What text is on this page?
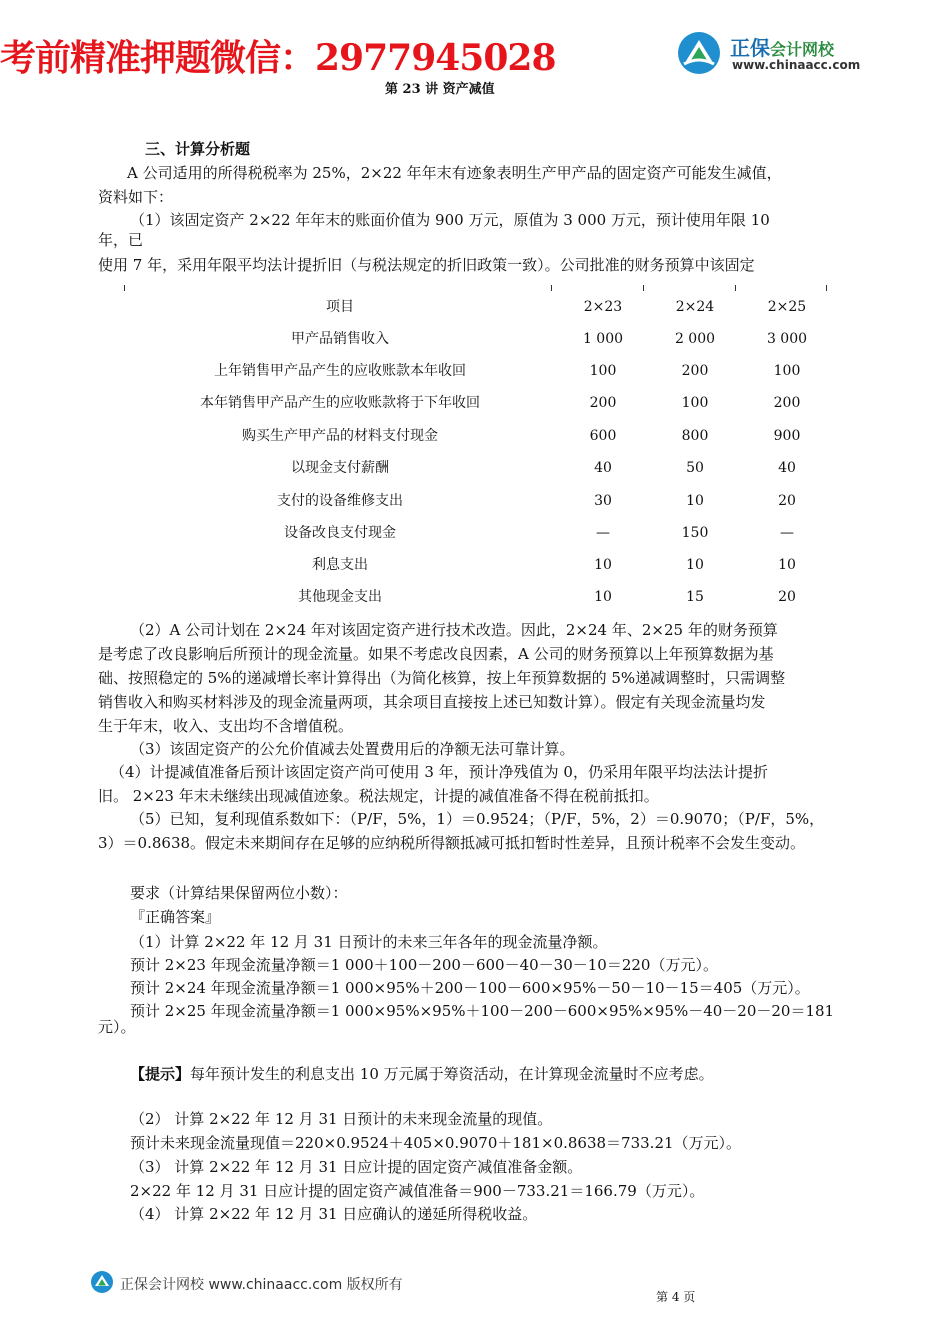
考前精准押题微信：2977945028	正保会计网校
www.chinaacc.com
第 23 讲 资产减值
三、计算分析题
A 公司适用的所得税税率为 25%，2×22 年年末有迹象表明生产甲产品的固定资产可能发生减值，
资料如下：
（1）该固定资产 2×22 年年末的账面价值为 900 万元，原值为 3 000 万元，预计使用年限 10
年，已
使用 7 年，采用年限平均法计提折旧（与税法规定的折旧政策一致）。公司批准的财务预算中该固定
项目	2×23	2×24	2×25
甲产品销售收入	1 000	2 000	3 000
上年销售甲产品产生的应收账款本年收回	100	200	100
本年销售甲产品产生的应收账款将于下年收回	200	100	200
购买生产甲产品的材料支付现金	600	800	900
以现金支付薪酬	40	50	40
支付的设备维修支出	30	10	20
设备改良支付现金	—	150	—
利息支出	10	10	10
其他现金支出	10	15	20
（2）A 公司计划在 2×24 年对该固定资产进行技术改造。因此，2×24 年、2×25 年的财务预算
是考虑了改良影响后所预计的现金流量。如果不考虑改良因素，A 公司的财务预算以上年预算数据为基
础、按照稳定的 5%的递减增长率计算得出（为简化核算，按上年预算数据的 5%递减调整时，只需调整
销售收入和购买材料涉及的现金流量两项，其余项目直接按上述已知数计算）。假定有关现金流量均发
生于年末，收入、支出均不含增值税。
（3）该固定资产的公允价值减去处置费用后的净额无法可靠计算。
（4）计提减值准备后预计该固定资产尚可使用 3 年，预计净残值为 0，仍采用年限平均法法计提折
旧。 2×23 年末未继续出现减值迹象。税法规定，计提的减值准备不得在税前抵扣。
（5）已知，复利现值系数如下：（P/F，5%，1）＝0.9524；（P/F，5%，2）＝0.9070；（P/F，5%，
3）＝0.8638。假定未来期间存在足够的应纳税所得额抵减可抵扣暂时性差异，且预计税率不会发生变动。
要求（计算结果保留两位小数）：
『正确答案』
（1）计算 2×22 年 12 月 31 日预计的未来三年各年的现金流量净额。
预计 2×23 年现金流量净额＝1 000＋100－200－600－40－30－10＝220（万元）。
预计 2×24 年现金流量净额＝1 000×95%＋200－100－600×95%－50－10－15＝405（万元）。
预计 2×25 年现金流量净额＝1 000×95%×95%＋100－200－600×95%×95%－40－20－20＝181
元）。
【提示】每年预计发生的利息支出 10 万元属于筹资活动，在计算现金流量时不应考虑。
（2） 计算 2×22 年 12 月 31 日预计的未来现金流量的现值。
预计未来现金流量现值＝220×0.9524＋405×0.9070＋181×0.8638＝733.21（万元）。
（3） 计算 2×22 年 12 月 31 日应计提的固定资产减值准备金额。
2×22 年 12 月 31 日应计提的固定资产减值准备＝900－733.21＝166.79（万元）。
（4） 计算 2×22 年 12 月 31 日应确认的递延所得税收益。
正保会计网校 www.chinaacc.com 版权所有
第 4 页
